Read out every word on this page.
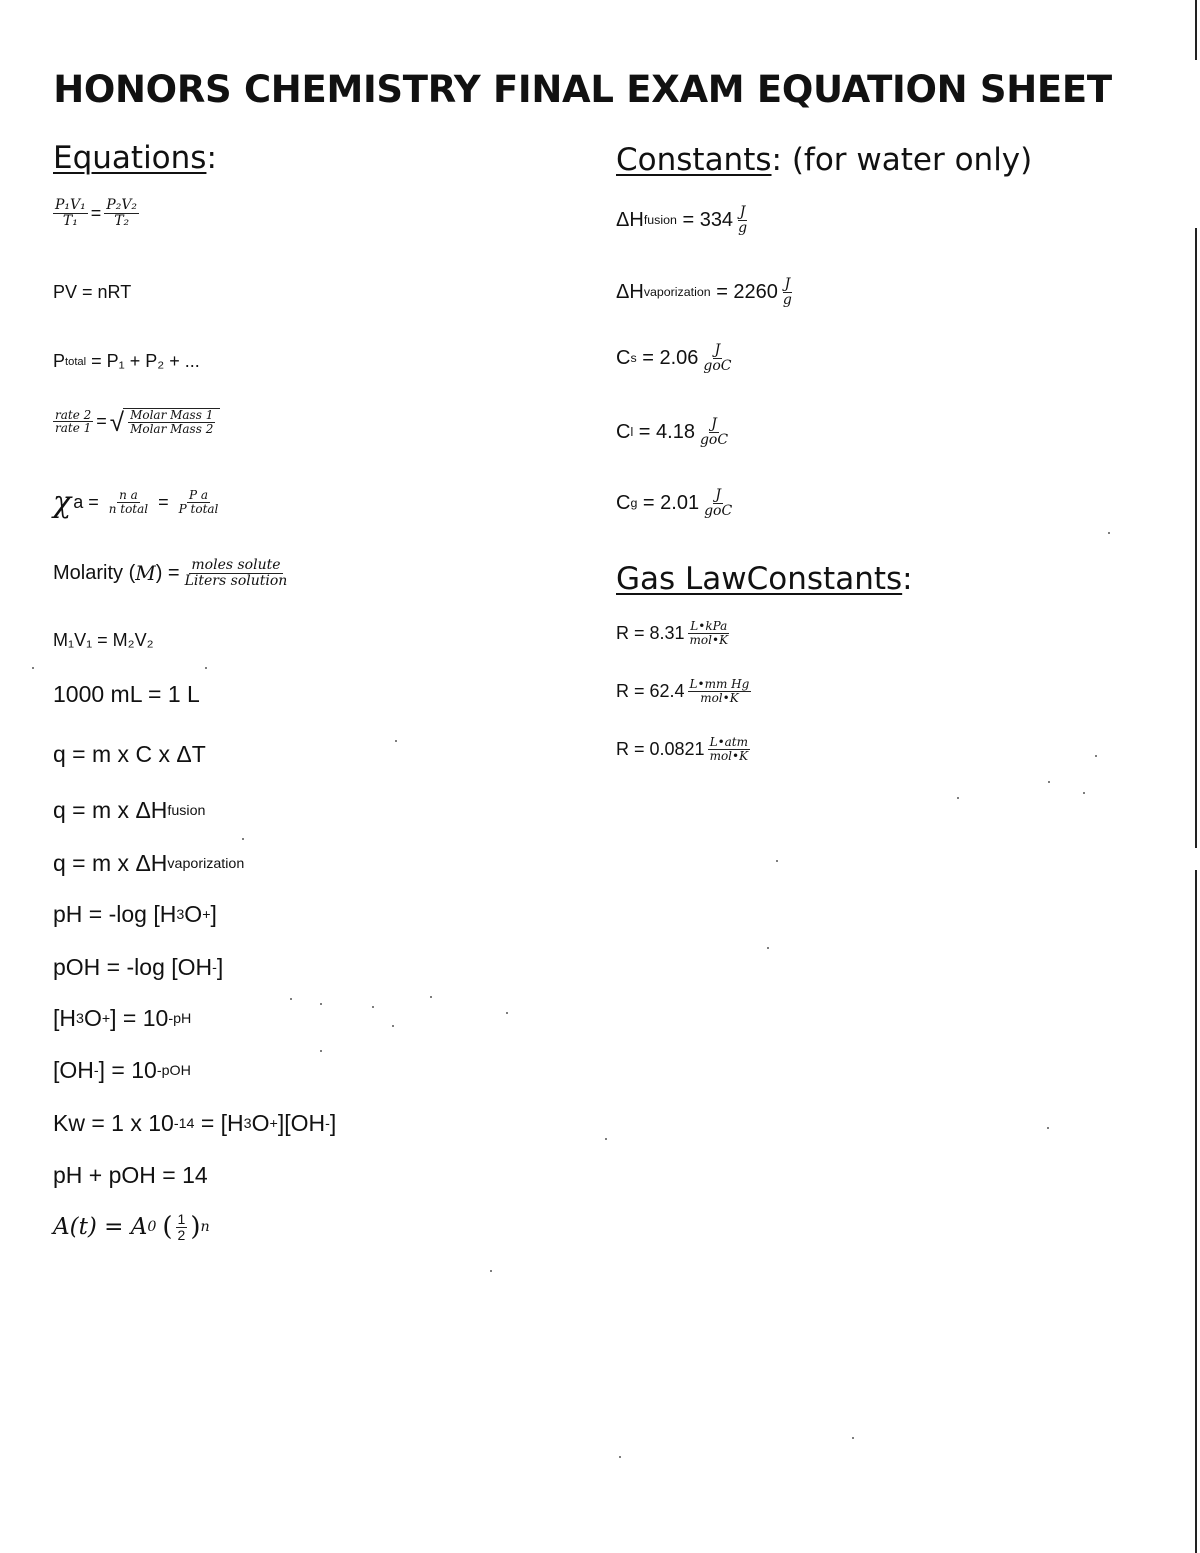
HONORS CHEMISTRY FINAL EXAM EQUATION SHEET
Equations:	Constants: (for water only)
Gas LawConstants:
$\frac{\text{P₁V₁}}{\text{T₁}} = \frac{\text{P₂V₂}}{\text{T₂}}$
PV = nRT
P total
= P₁ + P₂ + ...
$\frac{\text{rate 2}}{\text{rate 1}}$ = √ $\frac{\text{Molar Mass 1}}{\text{Molar Mass 2}}$
𝜒 $a = \frac{\text{n a}}{\text{n total}} = \frac{\text{P a}}{\text{P total}}$
Molarity ( M ) = $\frac{\text{moles solute}}{\text{Liters solution}}$
M₁V₁ = M₂V₂
1000 mL = 1 L
q = m x C x ΔT
q = m x ΔH fusion
q = m x ΔH vaporization
pH = -log [H 3 O + ]
pOH = -log [OH - ]
[H 3 O + ] = 10 -pH
[OH - ] = 10 -pOH
Kw = 1 x 10 -14 = [H 3 O + ][OH - ]
pH + pOH = 14
A(t) = A 0 ( $\frac{1}{2}$ ) n
ΔH fusion
= $334 \frac{J}{g}$
ΔH vaporization
= $2260 \frac{J}{g}$
C s
= $2.06 \frac{J}{\text{goC}}$
C l
= $4.18 \frac{J}{\text{goC}}$
C g
= $2.01 \frac{J}{\text{goC}}$
$R = 8.31 \frac{\text{L•kPa}}{\text{mol•K}}$
$R = 62.4 \frac{\text{L•mm Hg}}{\text{mol•K}}$
$R = 0.0821 \frac{\text{L•atm}}{\text{mol•K}}$
